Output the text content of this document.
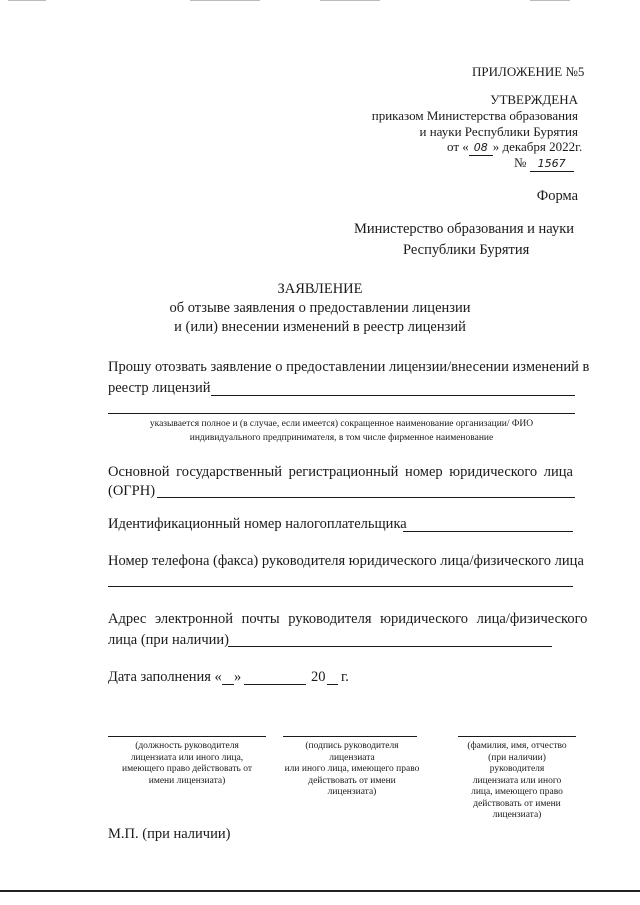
ПРИЛОЖЕНИЕ №5
УТВЕРЖДЕНА
приказом Министерства образования
и науки Республики Бурятия
от « 08 » декабря 2022г.
№ 1567
Форма
Министерство образования и науки
Республики Бурятия
ЗАЯВЛЕНИЕ
об отзыве заявления о предоставлении лицензии
и (или) внесении изменений в реестр лицензий
Прошу отозвать заявление о предоставлении лицензии/внесении изменений в
реестр лицензий
указывается полное и (в случае, если имеется) сокращенное наименование организации/ ФИО
индивидуального предпринимателя, в том числе фирменное наименование
Основной государственный регистрационный номер юридического лица
(ОГРН)
Идентификационный номер налогоплательщика
Номер телефона (факса) руководителя юридического лица/физического лица
Адрес электронной почты руководителя юридического лица/физического
лица (при наличии)
Дата заполнения « »	20 г.
(должность руководителя
лицензиата или иного лица,
имеющего право действовать от
имени лицензиата)
(подпись руководителя лицензиата
или иного лица, имеющего право
действовать от имени лицензиата)
(фамилия, имя, отчество
(при наличии)
руководителя
лицензиата или иного
лица, имеющего право
действовать от имени
лицензиата)
М.П. (при наличии)
